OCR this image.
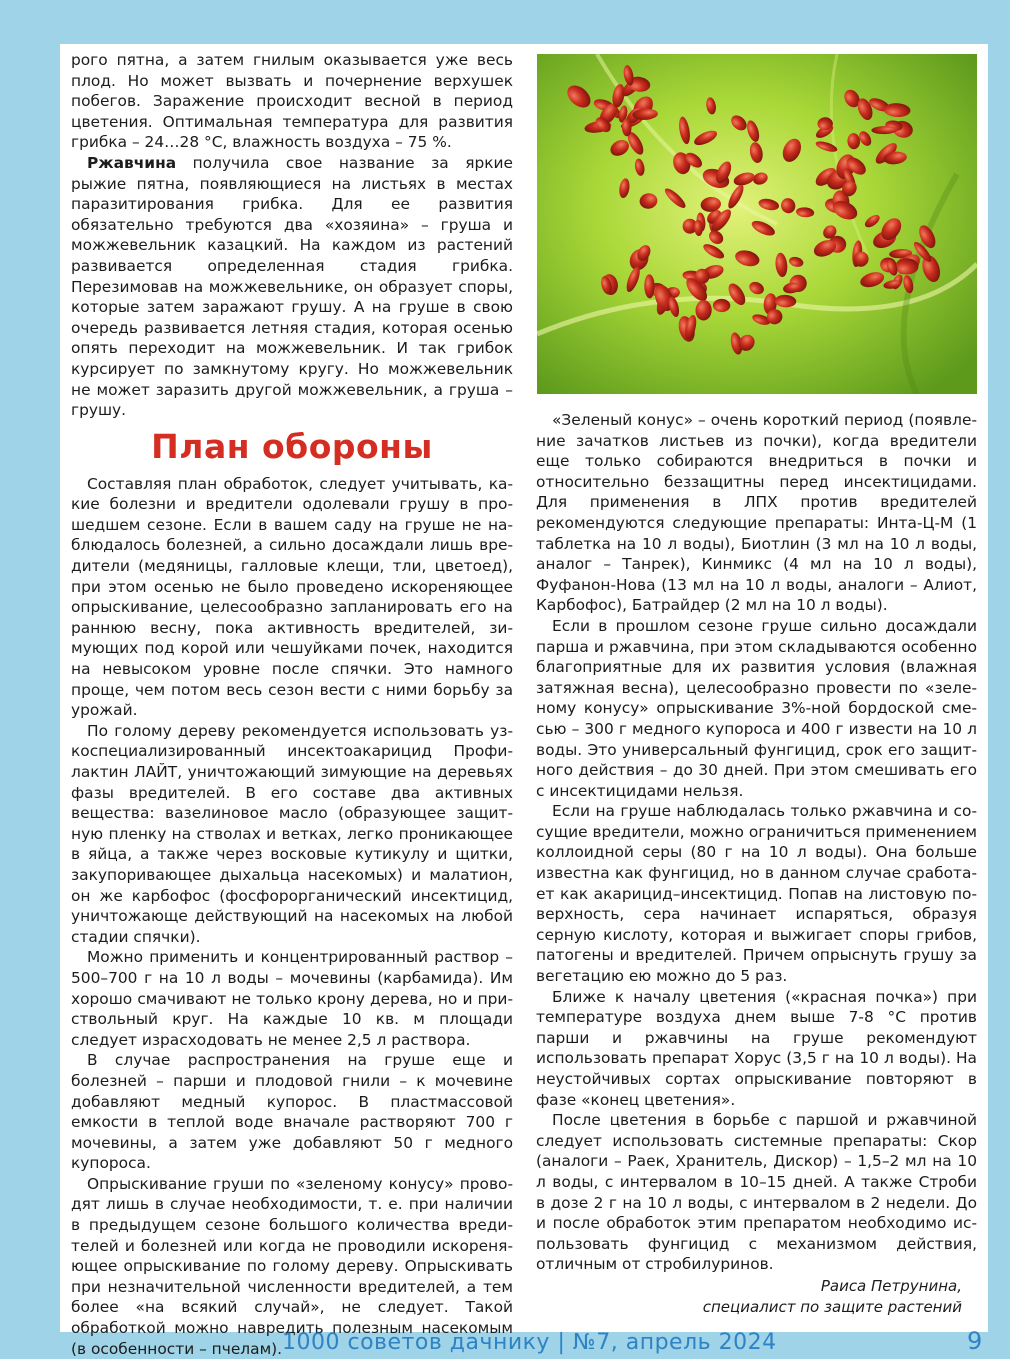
рого пятна, а затем гнилым оказывается уже весь плод. Но может вызвать и почернение верхушек побегов. Заражение происходит весной в период цветения. Оптимальная температура для развития грибка – 24…28 °С, влажность воздуха – 75 %.

Ржавчина получила свое название за яркие рыжие пятна, появляющиеся на листьях в местах паразитирования грибка. Для ее развития обязательно требуются два «хозяина» – груша и можжевельник казацкий. На каждом из растений развивается определенная стадия грибка. Перезимовав на можжевельнике, он образует споры, которые затем заражают грушу. А на груше в свою очередь развивается летняя стадия, которая осенью опять переходит на можжевельник. И так грибок курсирует по замкнутому кругу. Но можжевельник не может заразить другой можжевельник, а груша – грушу.

План обороны

Составляя план обработок, следует учитывать, какие болезни и вредители одолевали грушу в прошедшем сезоне. Если в вашем саду на груше не наблюдалось болезней, а сильно досаждали лишь вредители (медяницы, галловые клещи, тли, цветоед), при этом осенью не было проведено искореняющее опрыскивание, целесообразно запланировать его на раннюю весну, пока активность вредителей, зимующих под корой или чешуйками почек, находится на невысоком уровне после спячки. Это намного проще, чем потом весь сезон вести с ними борьбу за урожай.

По голому дереву рекомендуется использовать узкоспециализированный инсектоакарицид Профилактин ЛАЙТ, уничтожающий зимующие на деревьях фазы вредителей. В его составе два активных вещества: вазелиновое масло (образующее защитную пленку на стволах и ветках, легко проникающее в яйца, а также через восковые кутикулу и щитки, закупоривающее дыхальца насекомых) и малатион, он же карбофос (фосфорорганический инсектицид, уничтожающе действующий на насекомых на любой стадии спячки).

Можно применить и концентрированный раствор – 500–700 г на 10 л воды – мочевины (карбамида). Им хорошо смачивают не только крону дерева, но и приствольный круг. На каждые 10 кв. м площади следует израсходовать не менее 2,5 л раствора.

В случае распространения на груше еще и болезней – парши и плодовой гнили – к мочевине добавляют медный купорос. В пластмассовой емкости в теплой воде вначале растворяют 700 г мочевины, а затем уже добавляют 50 г медного купороса.

Опрыскивание груши по «зеленому конусу» проводят лишь в случае необходимости, т. е. при наличии в предыдущем сезоне большого количества вредителей и болезней или когда не проводили искореняющее опрыскивание по голому дереву. Опрыскивать при незначительной численности вредителей, а тем более «на всякий случай», не следует. Такой обработкой можно навредить полезным насекомым (в особенности – пчелам).

«Зеленый конус» – очень короткий период (появление зачатков листьев из почки), когда вредители еще только собираются внедриться в почки и относительно беззащитны перед инсектицидами. Для применения в ЛПХ против вредителей рекомендуются следующие препараты: Инта-Ц-М (1 таблетка на 10 л воды), Биотлин (3 мл на 10 л воды, аналог – Танрек), Кинмикс (4 мл на 10 л воды), Фуфанон-Нова (13 мл на 10 л воды, аналоги – Алиот, Карбофос), Батрайдер (2 мл на 10 л воды).

Если в прошлом сезоне груше сильно досаждали парша и ржавчина, при этом складываются особенно благоприятные для их развития условия (влажная затяжная весна), целесообразно провести по «зеленому конусу» опрыскивание 3%-ной бордоской смесью – 300 г медного купороса и 400 г извести на 10 л воды. Это универсальный фунгицид, срок его защитного действия – до 30 дней. При этом смешивать его с инсектицидами нельзя.

Если на груше наблюдалась только ржавчина и сосущие вредители, можно ограничиться применением коллоидной серы (80 г на 10 л воды). Она больше известна как фунгицид, но в данном случае сработает как акарицид–инсектицид. Попав на листовую поверхность, сера начинает испаряться, образуя серную кислоту, которая и выжигает споры грибов, патогены и вредителей. Причем опрыснуть грушу за вегетацию ею можно до 5 раз.

Ближе к началу цветения («красная почка») при температуре воздуха днем выше 7-8 °С против парши и ржавчины на груше рекомендуют использовать препарат Хорус (3,5 г на 10 л воды). На неустойчивых сортах опрыскивание повторяют в фазе «конец цветения».

После цветения в борьбе с паршой и ржавчиной следует использовать системные препараты: Скор (аналоги – Раек, Хранитель, Дискор) – 1,5–2 мл на 10 л воды, с интервалом в 10–15 дней. А также Строби в дозе 2 г на 10 л воды, с интервалом в 2 недели. До и после обработок этим препаратом необходимо использовать фунгицид с механизмом действия, отличным от стробилуринов.

Раиса Петрунина,
специалист по защите растений
1000 советов дачнику | №7, апрель 2024	9
